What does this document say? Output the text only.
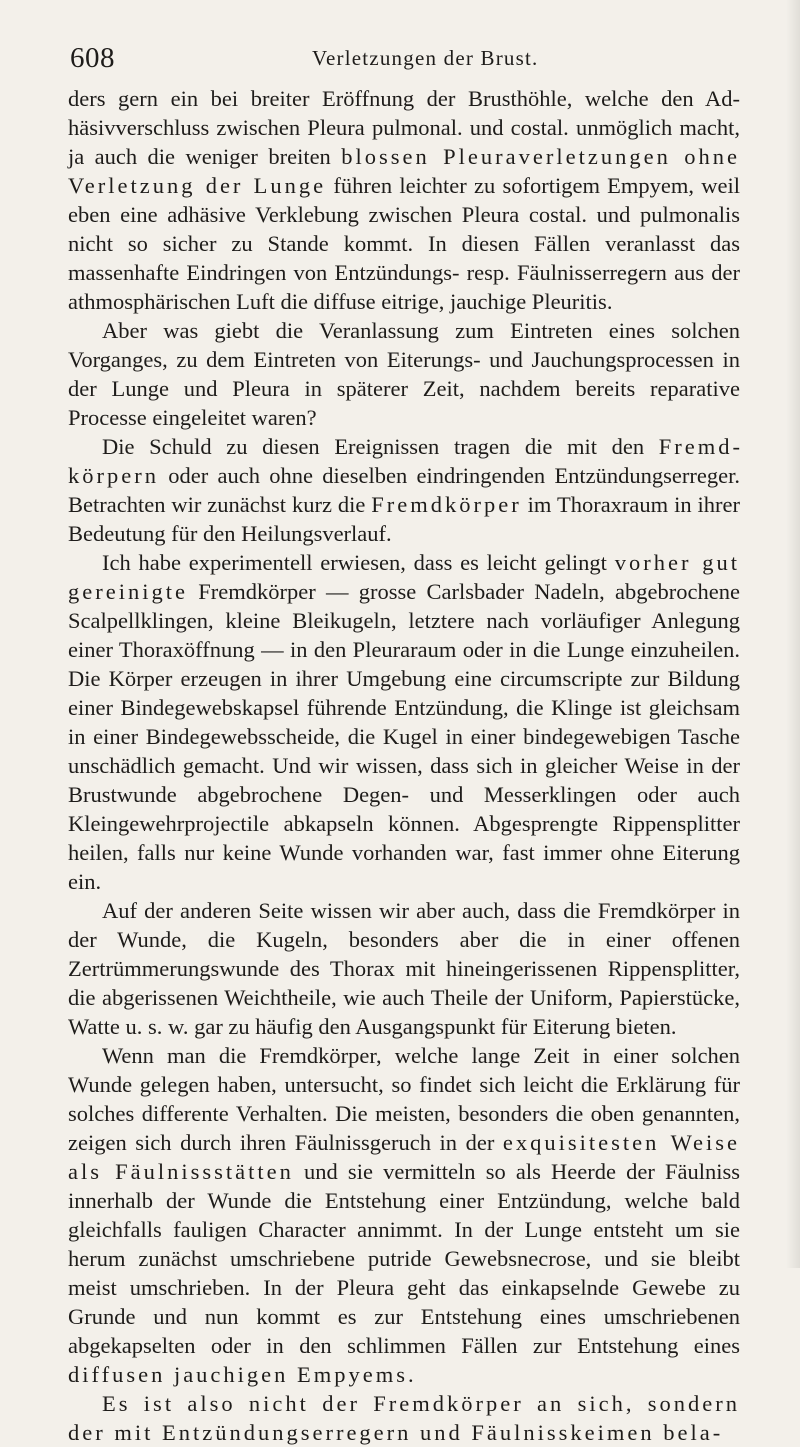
608	Verletzungen der Brust.

ders gern ein bei breiter Eröffnung der Brusthöhle, welche den Adhäsivverschluss zwischen Pleura pulmonal. und costal. unmöglich macht, ja auch die weniger breiten blossen Pleuraverletzungen ohne Verletzung der Lunge führen leichter zu sofortigem Empyem, weil eben eine adhäsive Verklebung zwischen Pleura costal. und pulmonalis nicht so sicher zu Stande kommt. In diesen Fällen veranlasst das massenhafte Eindringen von Entzündungs- resp. Fäulnisserregern aus der athmosphärischen Luft die diffuse eitrige, jauchige Pleuritis.

Aber was giebt die Veranlassung zum Eintreten eines solchen Vorganges, zu dem Eintreten von Eiterungs- und Jauchungsprocessen in der Lunge und Pleura in späterer Zeit, nachdem bereits reparative Processe eingeleitet waren?

Die Schuld zu diesen Ereignissen tragen die mit den Fremdkörpern oder auch ohne dieselben eindringenden Entzündungserreger. Betrachten wir zunächst kurz die Fremdkörper im Thoraxraum in ihrer Bedeutung für den Heilungsverlauf.

Ich habe experimentell erwiesen, dass es leicht gelingt vorher gut gereinigte Fremdkörper — grosse Carlsbader Nadeln, abgebrochene Scalpellklingen, kleine Bleikugeln, letztere nach vorläufiger Anlegung einer Thoraxöffnung — in den Pleuraraum oder in die Lunge einzuheilen. Die Körper erzeugen in ihrer Umgebung eine circumscripte zur Bildung einer Bindegewebskapsel führende Entzündung, die Klinge ist gleichsam in einer Bindegewebsscheide, die Kugel in einer bindegewebigen Tasche unschädlich gemacht. Und wir wissen, dass sich in gleicher Weise in der Brustwunde abgebrochene Degen- und Messerklingen oder auch Kleingewehrprojectile abkapseln können. Abgesprengte Rippensplitter heilen, falls nur keine Wunde vorhanden war, fast immer ohne Eiterung ein.

Auf der anderen Seite wissen wir aber auch, dass die Fremdkörper in der Wunde, die Kugeln, besonders aber die in einer offenen Zertrümmerungswunde des Thorax mit hineingerissenen Rippensplitter, die abgerissenen Weichtheile, wie auch Theile der Uniform, Papierstücke, Watte u. s. w. gar zu häufig den Ausgangspunkt für Eiterung bieten.

Wenn man die Fremdkörper, welche lange Zeit in einer solchen Wunde gelegen haben, untersucht, so findet sich leicht die Erklärung für solches differente Verhalten. Die meisten, besonders die oben genannten, zeigen sich durch ihren Fäulnissgeruch in der exquisitesten Weise als Fäulnissstätten und sie vermitteln so als Heerde der Fäulniss innerhalb der Wunde die Entstehung einer Entzündung, welche bald gleichfalls fauligen Character annimmt. In der Lunge entsteht um sie herum zunächst umschriebene putride Gewebsnecrose, und sie bleibt meist umschrieben. In der Pleura geht das einkapselnde Gewebe zu Grunde und nun kommt es zur Entstehung eines umschriebenen abgekapselten oder in den schlimmen Fällen zur Entstehung eines diffusen jauchigen Empyems.

Es ist also nicht der Fremdkörper an sich, sondern der mit Entzündungserregern und Fäulnisskeimen bela-
